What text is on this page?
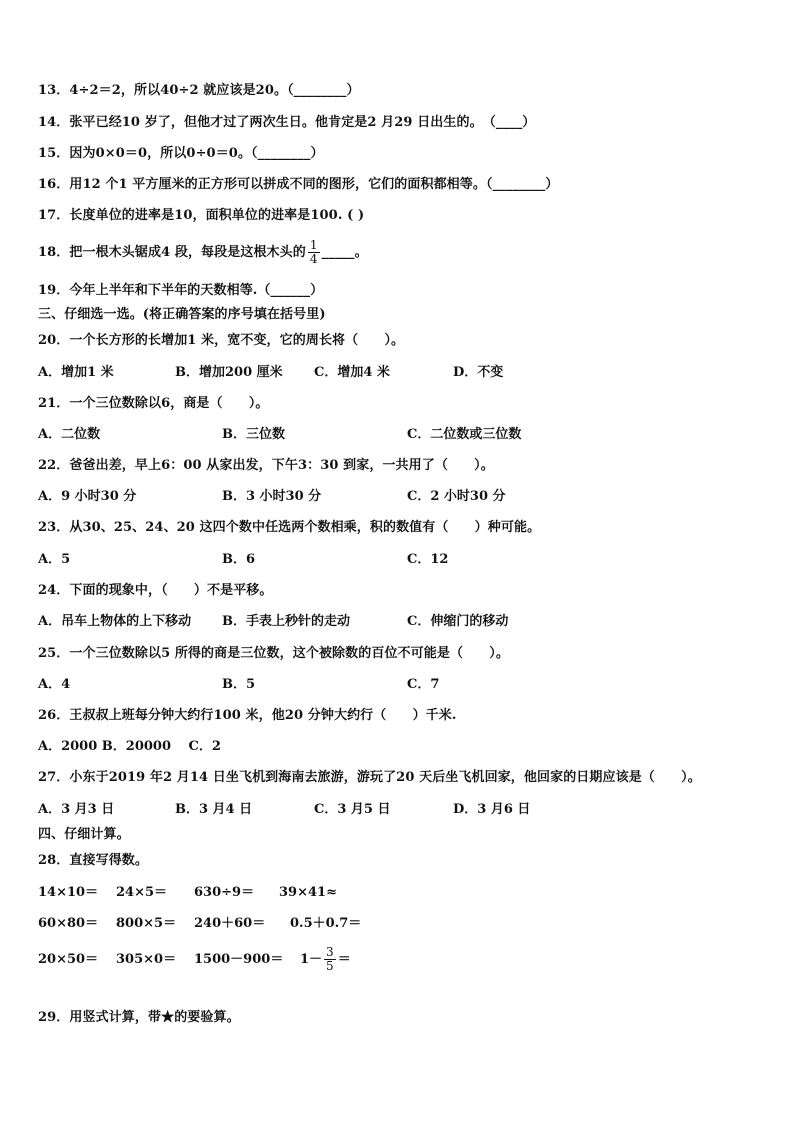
13．4÷2＝2，所以40÷2 就应该是20。（________）
14．张平已经10 岁了，但他才过了两次生日。他肯定是2 月29 日出生的。　（____）
15．因为0×0＝0，所以0÷0＝0。（________）
16．用12 个1 平方厘米的正方形可以拼成不同的图形，它们的面积都相等。（________）
17．长度单位的进率是10，面积单位的进率是100. ( )
18．把一根木头锯成4 段，每段是这根木头的 $\frac{1}{4}$ _____。
19．今年上半年和下半年的天数相等.（______）
三、仔细选一选。(将正确答案的序号填在括号里)
20．一个长方形的长增加1 米，宽不变，它的周长将（　　）。
A．增加1 米	B．增加200 厘米 C．增加4 米	D．不变
21．一个三位数除以6，商是（　　）。
A．二位数	B．三位数	C．二位数或三位数
22．爸爸出差，早上6：00 从家出发，下午3：30 到家，一共用了（　　）。
A．9 小时30 分	B．3 小时30 分	C．2 小时30 分
23．从30、25、24、20 这四个数中任选两个数相乘，积的数值有（　　）种可能。
A．5	B．6	C．12
24．下面的现象中，（　　）不是平移。
A．吊车上物体的上下移动 B．手表上秒针的走动	C．伸缩门的移动
25．一个三位数除以5 所得的商是三位数，这个被除数的百位不可能是（　　）。
A．4	B．5	C．7
26．王叔叔上班每分钟大约行100 米，他20 分钟大约行（　　）千米.
A．2000 B．20000　 C．2
27．小东于2019 年2 月14 日坐飞机到海南去旅游，游玩了20 天后坐飞机回家，他回家的日期应该是（　　）。
A．3 月3 日	B．3 月4 日	C．3 月5 日	D．3 月6 日
四、仔细计算。
28．直接写得数。
14×10＝ 24×5＝ 630÷9＝ 39×41≈
60×80＝ 800×5＝ 240＋60＝ 0.5＋0.7＝
$20\times 50= 305\times 0= 1500-900= 1- \frac{3}{5}$ ＝
29．用竖式计算，带★的要验算。
